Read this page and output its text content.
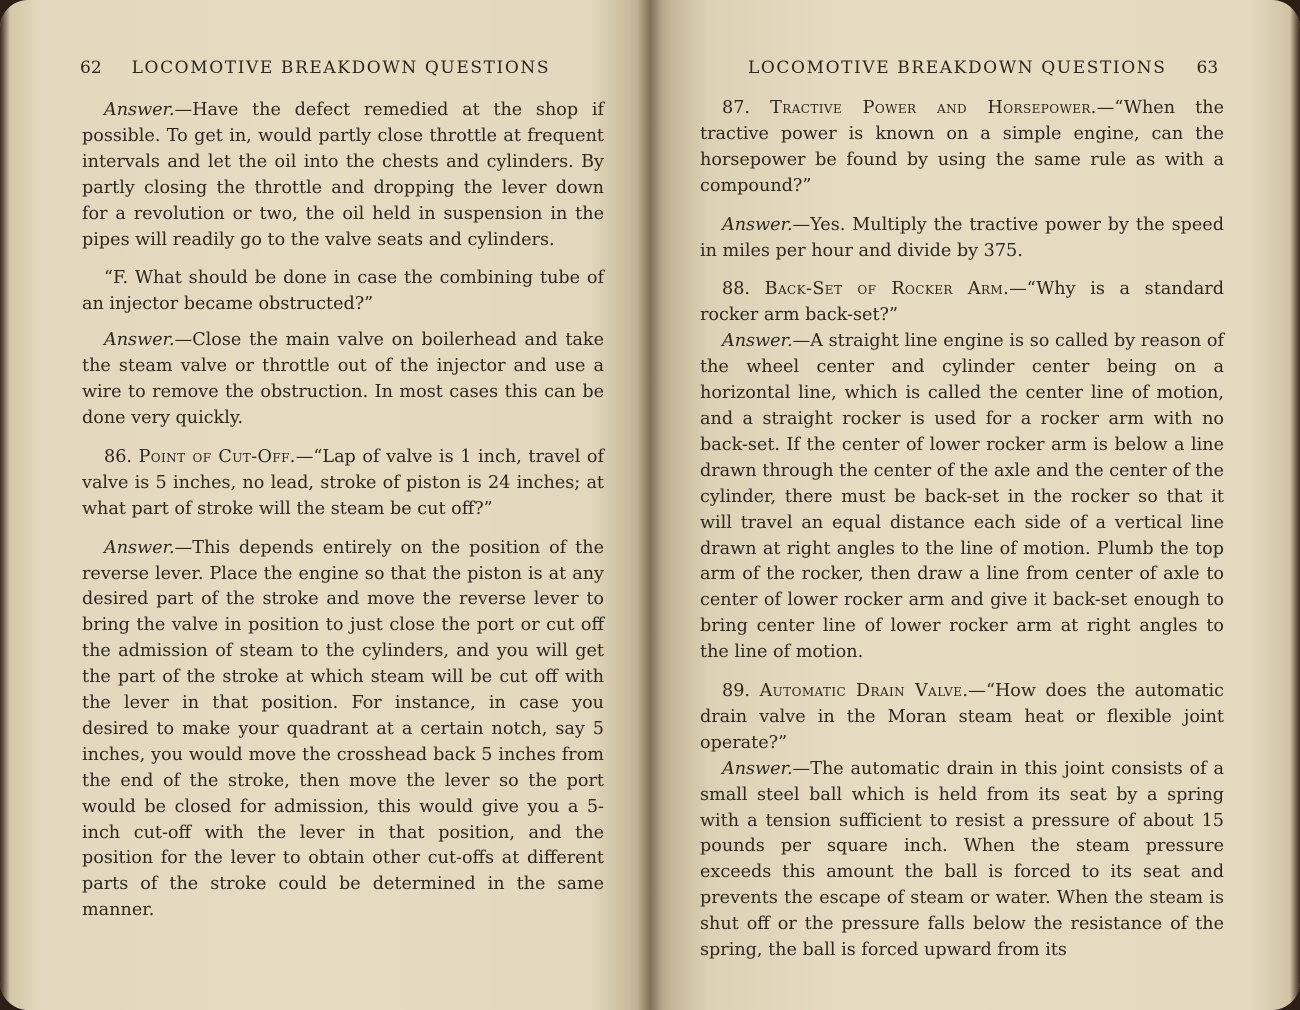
62 LOCOMOTIVE BREAKDOWN QUESTIONS

Answer.—Have the defect remedied at the shop if possible. To get in, would partly close throttle at frequent intervals and let the oil into the chests and cylinders. By partly closing the throttle and dropping the lever down for a revolution or two, the oil held in suspension in the pipes will readily go to the valve seats and cylinders.

“F. What should be done in case the combining tube of an injector became obstructed?”

Answer.—Close the main valve on boilerhead and take the steam valve or throttle out of the injector and use a wire to remove the obstruction. In most cases this can be done very quickly.

86. Point of Cut-Off.—“Lap of valve is 1 inch, travel of valve is 5 inches, no lead, stroke of piston is 24 inches; at what part of stroke will the steam be cut off?”

Answer.—This depends entirely on the position of the reverse lever. Place the engine so that the piston is at any desired part of the stroke and move the reverse lever to bring the valve in position to just close the port or cut off the admission of steam to the cylinders, and you will get the part of the stroke at which steam will be cut off with the lever in that position. For instance, in case you desired to make your quadrant at a certain notch, say 5 inches, you would move the crosshead back 5 inches from the end of the stroke, then move the lever so the port would be closed for admission, this would give you a 5-inch cut-off with the lever in that position, and the position for the lever to obtain other cut-offs at different parts of the stroke could be determined in the same manner.

LOCOMOTIVE BREAKDOWN QUESTIONS 63

87. Tractive Power and Horsepower.—“When the tractive power is known on a simple engine, can the horsepower be found by using the same rule as with a compound?”

Answer.—Yes. Multiply the tractive power by the speed in miles per hour and divide by 375.

88. Back-Set of Rocker Arm.—“Why is a standard rocker arm back-set?”

Answer.—A straight line engine is so called by reason of the wheel center and cylinder center being on a horizontal line, which is called the center line of motion, and a straight rocker is used for a rocker arm with no back-set. If the center of lower rocker arm is below a line drawn through the center of the axle and the center of the cylinder, there must be back-set in the rocker so that it will travel an equal distance each side of a vertical line drawn at right angles to the line of motion. Plumb the top arm of the rocker, then draw a line from center of axle to center of lower rocker arm and give it back-set enough to bring center line of lower rocker arm at right angles to the line of motion.

89. Automatic Drain Valve.—“How does the automatic drain valve in the Moran steam heat or flexible joint operate?”

Answer.—The automatic drain in this joint consists of a small steel ball which is held from its seat by a spring with a tension sufficient to resist a pressure of about 15 pounds per square inch. When the steam pressure exceeds this amount the ball is forced to its seat and prevents the escape of steam or water. When the steam is shut off or the pressure falls below the resistance of the spring, the ball is forced upward from its
